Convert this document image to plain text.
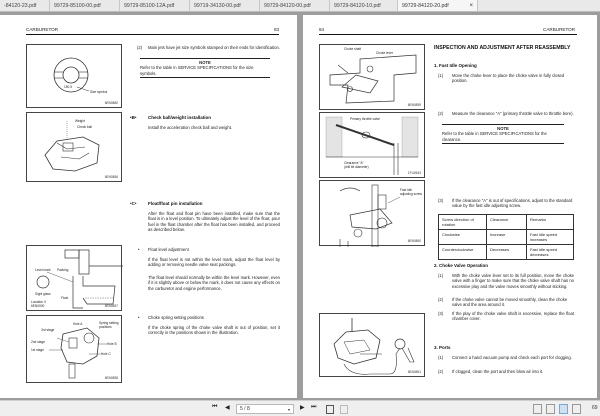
-84120-23.pdf	99729-85100-00.pdf	99729-85100-12A.pdf	99719-34130-00.pdf	99729-84120-00.pdf	99729-84120-10.pdf	99729-84120-20.pdf	×
CARBURETOR	83
150.5
Size symbol
6EN0880
Weight
Check ball
6EN0856
Level mark Packing
Sight glass
Float
Location II
6EN0000	6EN0857
Hole A
3rd stage
2nd stage
1st stage
Spring setting positions
Hole B
Hole C
6EN0858
(2)	Main jets have jet size symbols stamped on their ends for identification.
NOTE
Refer to the table in SERVICE SPECIFICATIONS for the size symbols.
•B•	Check ball/weight installation
Install the acceleration check ball and weight.
•C•	Float/float pin installation
After the float and float pin have been installed, make sure that the float is in a level position. To ultimately adjust the level of the float, pour fuel in the float chamber after the float has been installed, and proceed as described below.
• Float level adjustment
If the float level is not within the level mark, adjust the float level by adding or removing needle valve seat packings.
The float level should normally be within the level mark. However, even if it is slightly above or below the mark, it does not cause any effects on the carburetor and engine performance.
• Choke spring setting positions
If the choke spring of the choke valve shaft is out of position, set it correctly in the positions shown in the illustration.
84	CARBURETOR
Choke shaft
Choke lever
6EN0859
Primary throttle valve
Clearance "A"
(drill bit diameter)
1FU0543
Fast idle adjusting screw
6EN0860
6EN0861
INSPECTION AND ADJUSTMENT AFTER REASSEMBLY
1. Fast Idle Opening
(1) Move the choke lever to place the choke valve in fully closed position.
(2) Measure the clearance "A" (primary throttle valve to throttle bore).
NOTE
Refer to the table in SERVICE SPECIFICATIONS for the clearance.
(3) If the clearance "A" is out of specifications, adjust to the standard value by the fast idle adjusting screw.
Screw direction of rotation	Clearance	Remarks
Clockwise	Increase	Fast idle speed increases
Counterclockwise	Decreases	Fast idle speed decreases
2. Choke Valve Operation
(1) With the choke valve lever set to its full position, move the choke valve with a finger to make sure that the choke valve shaft has no excessive play and the valve moves smoothly without sticking.
(2) If the choke valve cannot be moved smoothly, clean the choke valve and the area around it.
(3) If the play of the choke valve shaft is excessive, replace the float chamber cover.
3. Ports
(1) Connect a hand vacuum pump and check each port for clogging.
(2) If clogged, clean the port and then blow air into it.
⏮ ◀	5 / 8	▾ ▶ ⏭	69
